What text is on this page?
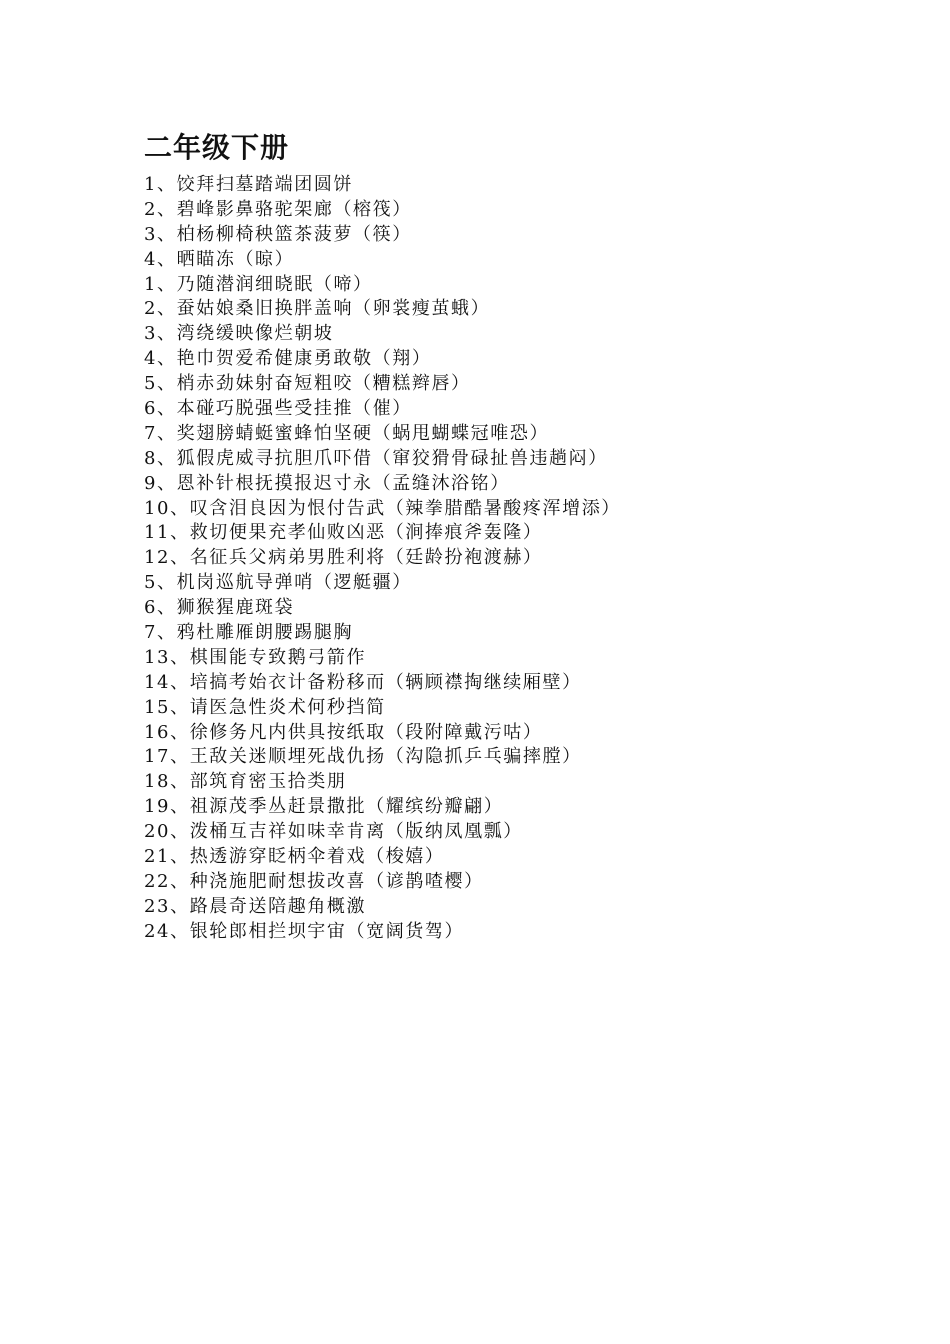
二年级下册
1、饺拜扫墓踏端团圆饼
2、碧峰影鼻骆驼架廊（榕筏）
3、柏杨柳椅秧篮茶菠萝（筷）
4、晒瞄冻（晾）
1、乃随潜润细晓眠（啼）
2、蚕姑娘桑旧换胖盖响（卵裳瘦茧蛾）
3、湾绕缓映像烂朝坡
4、艳巾贺爱希健康勇敢敬（翔）
5、梢赤劲妹射奋短粗咬（糟糕辫唇）
6、本碰巧脱强些受挂推（催）
7、奖翅膀蜻蜓蜜蜂怕坚硬（蜗甩蝴蝶冠唯恐）
8、狐假虎威寻抗胆爪吓借（窜狡猾骨碌扯兽违趟闷）
9、恩补针根抚摸报迟寸永（孟缝沐浴铭）
10、叹含泪良因为恨付告武（辣拳腊酷暑酸疼浑增添）
11、救切便果充孝仙败凶恶（涧捧痕斧轰隆）
12、名征兵父病弟男胜利将（廷龄扮袍渡赫）
5、机岗巡航导弹哨（逻艇疆）
6、狮猴猩鹿斑袋
7、鸦杜雕雁朗腰踢腿胸
13、棋围能专致鹅弓箭作
14、培搞考始衣计备粉移而（辆顾襟掏继续厢壁）
15、请医急性炎术何秒挡简
16、徐修务凡内供具按纸取（段附障戴污咕）
17、王敌关迷顺埋死战仇扬（沟隐抓乒乓骗摔膛）
18、部筑育密玉拾类朋
19、祖源茂季丛赶景撒批（耀缤纷瓣翩）
20、泼桶互吉祥如味幸肯离（版纳凤凰瓢）
21、热透游穿眨柄伞着戏（梭嬉）
22、种浇施肥耐想拔改喜（谚鹊喳樱）
23、路晨奇送陪趣角概激
24、银轮郎相拦坝宇宙（宽阔货驾）
